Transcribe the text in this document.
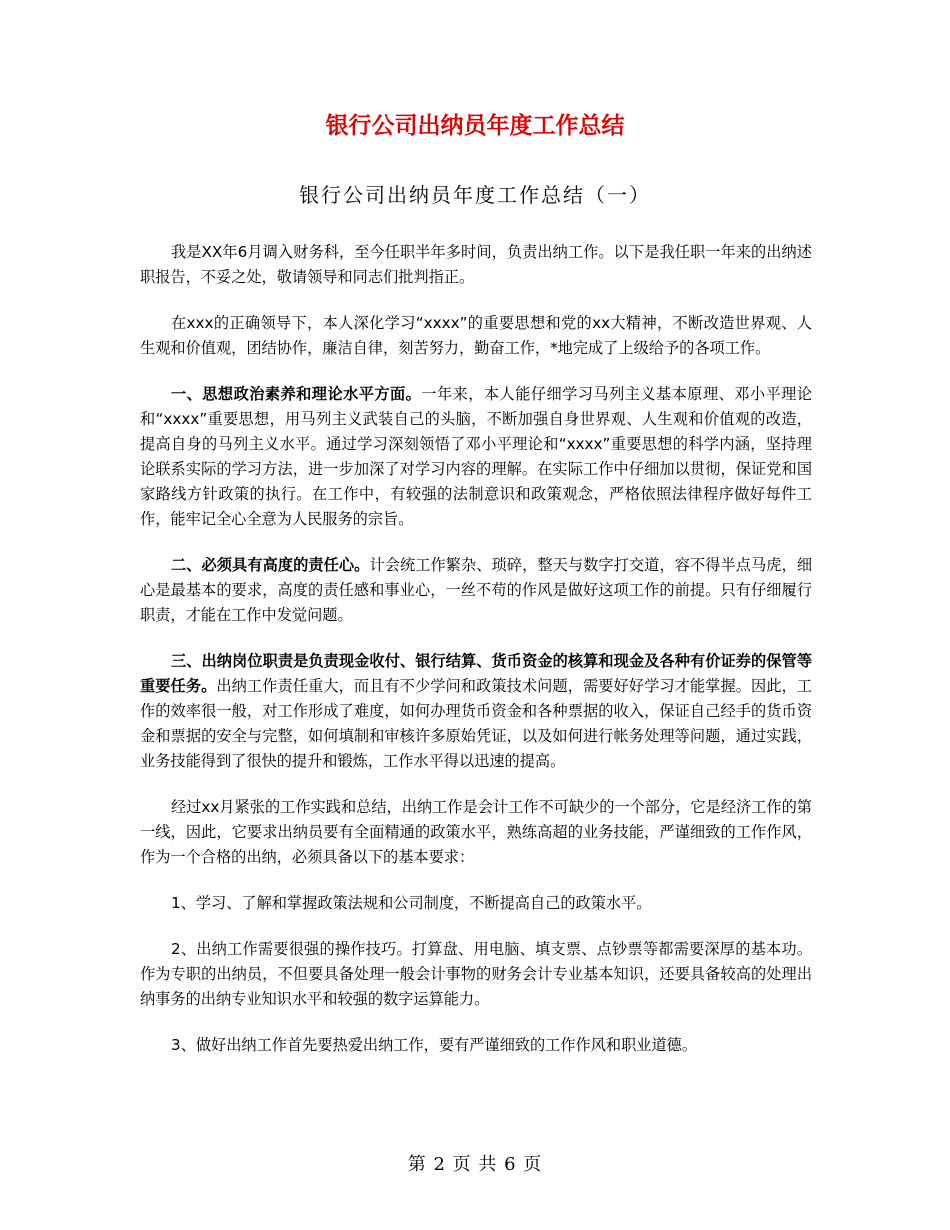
银行公司出纳员年度工作总结
银行公司出纳员年度工作总结（一）

我是XX年6月调入财务科，至今任职半年多时间，负责出纳工作。以下是我任职一年来的出纳述职报告，不妥之处，敬请领导和同志们批判指正。

在xxx的正确领导下，本人深化学习“xxxx”的重要思想和党的xx大精神，不断改造世界观、人生观和价值观，团结协作，廉洁自律，刻苦努力，勤奋工作，*地完成了上级给予的各项工作。

一、思想政治素养和理论水平方面。一年来，本人能仔细学习马列主义基本原理、邓小平理论和“xxxx”重要思想，用马列主义武装自己的头脑，不断加强自身世界观、人生观和价值观的改造，提高自身的马列主义水平。通过学习深刻领悟了邓小平理论和“xxxx”重要思想的科学内涵，坚持理论联系实际的学习方法，进一步加深了对学习内容的理解。在实际工作中仔细加以贯彻，保证党和国家路线方针政策的执行。在工作中，有较强的法制意识和政策观念，严格依照法律程序做好每件工作，能牢记全心全意为人民服务的宗旨。

二、必须具有高度的责任心。计会统工作繁杂、琐碎，整天与数字打交道，容不得半点马虎，细心是最基本的要求，高度的责任感和事业心，一丝不苟的作风是做好这项工作的前提。只有仔细履行职责，才能在工作中发觉问题。

三、出纳岗位职责是负责现金收付、银行结算、货币资金的核算和现金及各种有价证券的保管等重要任务。出纳工作责任重大，而且有不少学问和政策技术问题，需要好好学习才能掌握。因此，工作的效率很一般，对工作形成了难度，如何办理货币资金和各种票据的收入，保证自己经手的货币资金和票据的安全与完整，如何填制和审核许多原始凭证，以及如何进行帐务处理等问题，通过实践，业务技能得到了很快的提升和锻炼，工作水平得以迅速的提高。

经过xx月紧张的工作实践和总结，出纳工作是会计工作不可缺少的一个部分，它是经济工作的第一线，因此，它要求出纳员要有全面精通的政策水平，熟练高超的业务技能，严谨细致的工作作风，作为一个合格的出纳，必须具备以下的基本要求：

1、学习、了解和掌握政策法规和公司制度，不断提高自己的政策水平。

2、出纳工作需要很强的操作技巧。打算盘、用电脑、填支票、点钞票等都需要深厚的基本功。作为专职的出纳员，不但要具备处理一般会计事物的财务会计专业基本知识，还要具备较高的处理出纳事务的出纳专业知识水平和较强的数字运算能力。

3、做好出纳工作首先要热爱出纳工作，要有严谨细致的工作作风和职业道德。

第 2 页 共 6 页
